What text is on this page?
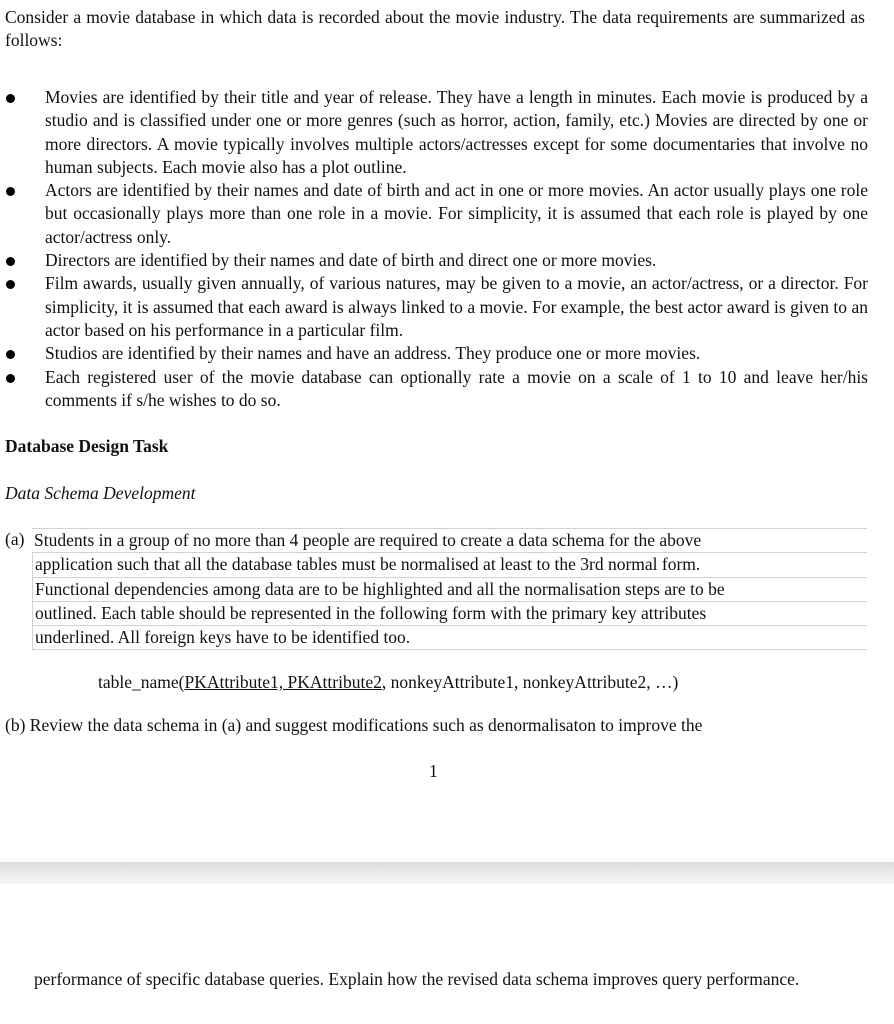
Consider a movie database in which data is recorded about the movie industry. The data requirements are summarized as follows:
Movies are identified by their title and year of release. They have a length in minutes. Each movie is produced by a studio and is classified under one or more genres (such as horror, action, family, etc.) Movies are directed by one or more directors. A movie typically involves multiple actors/actresses except for some documentaries that involve no human subjects. Each movie also has a plot outline.
Actors are identified by their names and date of birth and act in one or more movies. An actor usually plays one role but occasionally plays more than one role in a movie. For simplicity, it is assumed that each role is played by one actor/actress only.
Directors are identified by their names and date of birth and direct one or more movies.
Film awards, usually given annually, of various natures, may be given to a movie, an actor/actress, or a director. For simplicity, it is assumed that each award is always linked to a movie. For example, the best actor award is given to an actor based on his performance in a particular film.
Studios are identified by their names and have an address. They produce one or more movies.
Each registered user of the movie database can optionally rate a movie on a scale of 1 to 10 and leave her/his comments if s/he wishes to do so.
Database Design Task
Data Schema Development
(a) Students in a group of no more than 4 people are required to create a data schema for the above
application such that all the database tables must be normalised at least to the 3rd normal form.
Functional dependencies among data are to be highlighted and all the normalisation steps are to be
outlined. Each table should be represented in the following form with the primary key attributes
underlined. All foreign keys have to be identified too.
table_name(PKAttribute1, PKAttribute2, nonkeyAttribute1, nonkeyAttribute2, …)
(b) Review the data schema in (a) and suggest modifications such as denormalisaton to improve the
1
performance of specific database queries. Explain how the revised data schema improves query performance.
